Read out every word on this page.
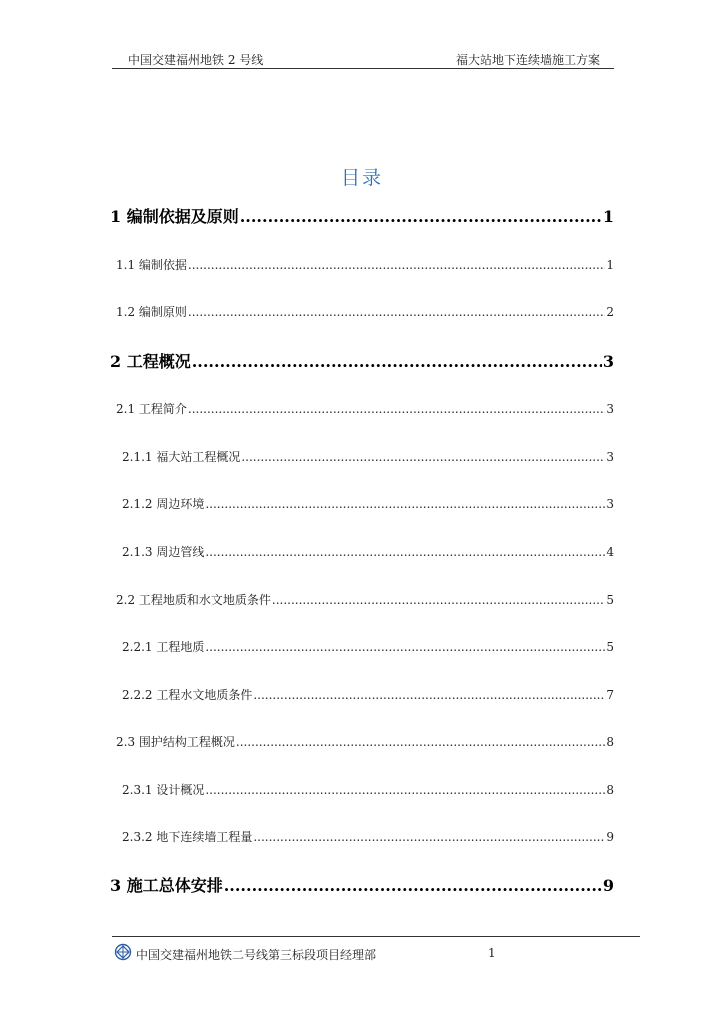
中国交建福州地铁 2 号线	福大站地下连续墙施工方案
目录
1 编制依据及原则 .....	1
1.1 编制依据 .....	1
1.2 编制原则 .....	2
2 工程概况 .....	3
2.1 工程简介 .....	3
2.1.1 福大站工程概况 .....	3
2.1.2 周边环境 .....	3
2.1.3 周边管线 .....	4
2.2 工程地质和水文地质条件 .....	5
2.2.1 工程地质 .....	5
2.2.2 工程水文地质条件 .....	7
2.3 围护结构工程概况 .....	8
2.3.1 设计概况 .....	8
2.3.2 地下连续墙工程量 .....	9
3 施工总体安排 .....	9
中国交建福州地铁二号线第三标段项目经理部	1
